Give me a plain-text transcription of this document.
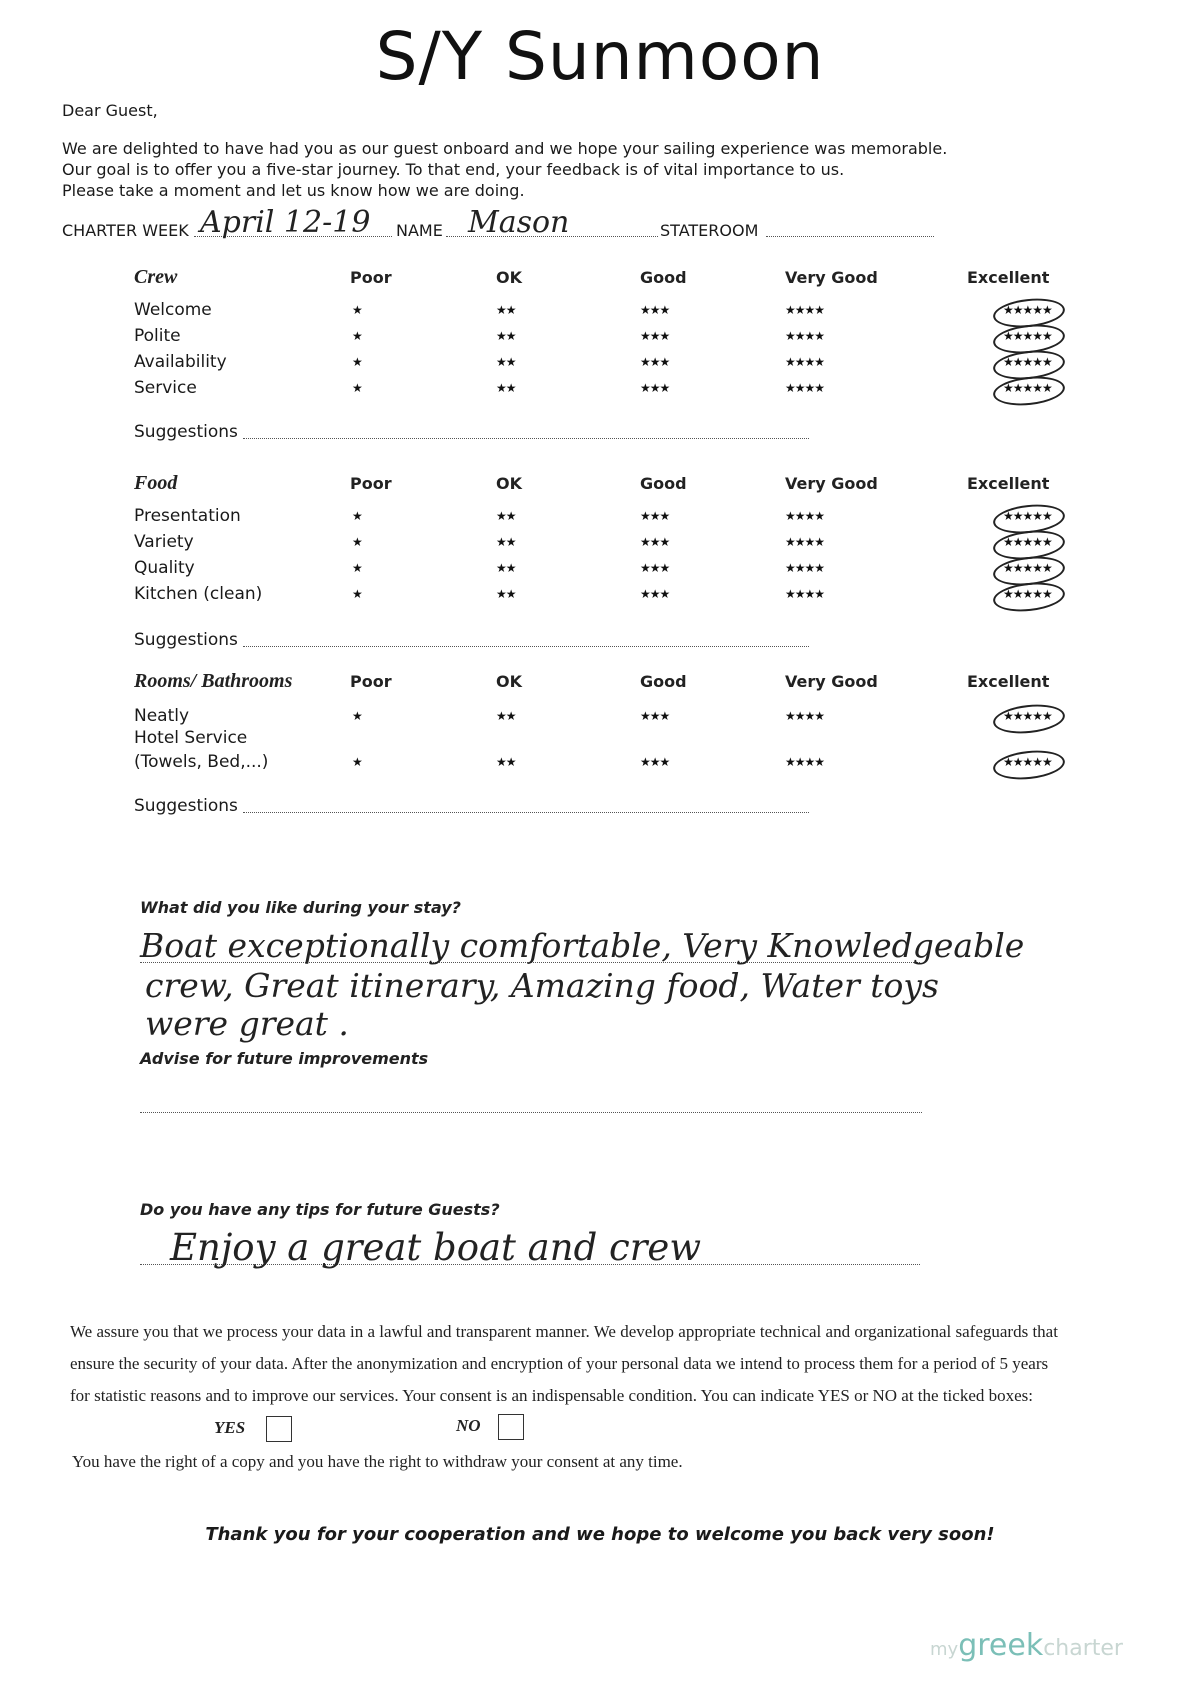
S/Y Sunmoon
Dear Guest,
We are delighted to have had you as our guest onboard and we hope your sailing experience was memorable.
Our goal is to offer you a five-star journey. To that end, your feedback is of vital importance to us.
Please take a moment and let us know how we are doing.
CHARTER WEEK April 12-19 NAME Mason	STATEROOM
Crew	Poor	OK	Good	Very Good	Excellent
Welcome	★	★★	★★★	★★★★	★★★★★
Polite	★	★★	★★★	★★★★	★★★★★
Availability	★	★★	★★★	★★★★	★★★★★
Service	★	★★	★★★	★★★★	★★★★★
Suggestions
Food	Poor	OK	Good	Very Good	Excellent
Presentation	★	★★	★★★	★★★★	★★★★★
Variety	★	★★	★★★	★★★★	★★★★★
Quality	★	★★	★★★	★★★★	★★★★★
Kitchen (clean)	★	★★	★★★	★★★★	★★★★★
Suggestions
Rooms/ Bathrooms	Poor	OK	Good	Very Good	Excellent
Neatly	★	★★	★★★	★★★★	★★★★★
Hotel Service
(Towels, Bed,...)	★	★★	★★★	★★★★	★★★★★
Suggestions
What did you like during your stay?
Boat exceptionally comfortable, Very Knowledgeable
crew, Great itinerary, Amazing food, Water toys
were great .
Advise for future improvements
Do you have any tips for future Guests?
Enjoy a great boat and crew
We assure you that we process your data in a lawful and transparent manner. We develop appropriate technical and organizational safeguards that
ensure the security of your data. After the anonymization and encryption of your personal data we intend to process them for a period of 5 years
for statistic reasons and to improve our services. Your consent is an indispensable condition. You can indicate YES or NO at the ticked boxes:
YES	NO
You have the right of a copy and you have the right to withdraw your consent at any time.
Thank you for your cooperation and we hope to welcome you back very soon!
mygreekcharter
